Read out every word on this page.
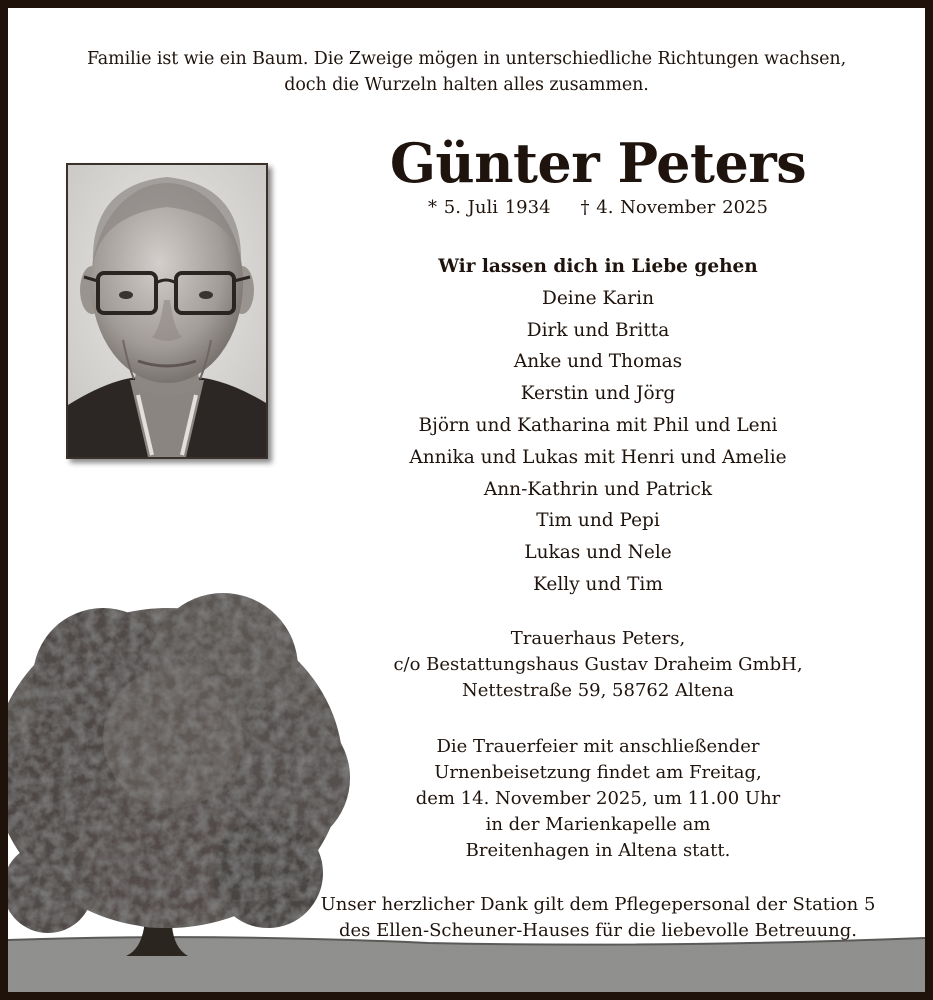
Familie ist wie ein Baum. Die Zweige mögen in unterschiedliche Richtungen wachsen,
doch die Wurzeln halten alles zusammen.
Günter Peters
* 5. Juli 1934 † 4. November 2025
Wir lassen dich in Liebe gehen
Deine Karin
Dirk und Britta
Anke und Thomas
Kerstin und Jörg
Björn und Katharina mit Phil und Leni
Annika und Lukas mit Henri und Amelie
Ann-Kathrin und Patrick
Tim und Pepi
Lukas und Nele
Kelly und Tim
Trauerhaus Peters,
c/o Bestattungshaus Gustav Draheim GmbH,
Nettestraße 59, 58762 Altena
Die Trauerfeier mit anschließender
Urnenbeisetzung findet am Freitag,
dem 14. November 2025, um 11.00 Uhr
in der Marienkapelle am
Breitenhagen in Altena statt.
Unser herzlicher Dank gilt dem Pflegepersonal der Station 5
des Ellen-Scheuner-Hauses für die liebevolle Betreuung.
